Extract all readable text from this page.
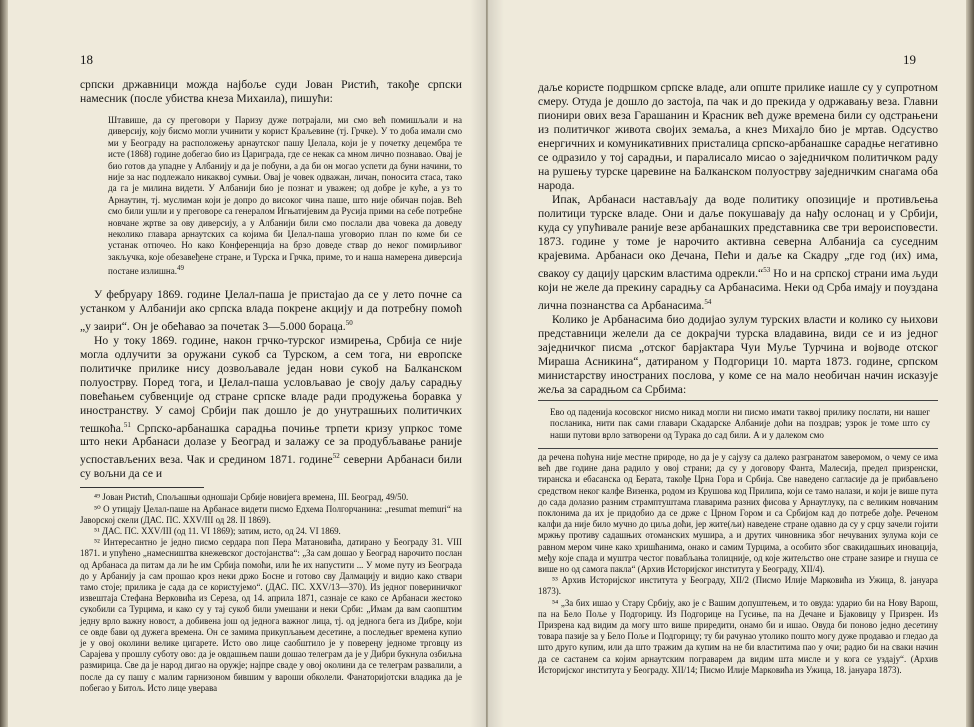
18

српски државници можда најбоље суди Јован Ристић, такође српски намесник (после убиства кнеза Михаила), пишући:

Штавише, да су преговори у Паризу дуже потрајали, ми смо већ помишљали и на диверсију, коју бисмо могли учинити у корист Краљевине (тј. Грчке). У то доба имали смо ми у Београду на расположењу арнаутског пашу Џелала, који је у почетку децембра те исте (1868) године добегао био из Цариграда, где се некак са мном лично познавао. Овај је био готов да упадне у Албанију и да је побуни, а да би он могао успети да буни начини, то није за нас подлежало никаквој сумњи. Овај је човек одважан, личан, поносита стаса, тако да га је милина видети. У Албанији био је познат и уважен; од добре је куће, а уз то Арнаутин, тј. муслиман који је допро до високог чина паше, што није обичан појав. Већ смо били ушли и у преговоре са генералом Игњатијевим да Русија прими на себе потребне новчане жртве за ову диверсију, а у Албанији били смо послали два човека да доведу неколико главара арнаутских са којима би Џелал-паша уговорио план по коме би се устанак отпочео. Но како Конференција на брзо доведе ствар до неког помирљивог закључка, које обезавеђене стране, и Турска и Грчка, приме, то и наша намерена диверсија постане излишна.$^{49}$

У фебруару 1869. године Џелал-паша је пристајао да се у лето почне са устанком у Албанији ако српска влада покрене акцију и да потребну помоћ „у заири“. Он је обећавао за почетак 3—5.000 бораца.$^{50}$

Но у току 1869. године, након грчко-турског измирења, Србија се није могла одлучити за оружани сукоб са Турском, а сем тога, ни европске политичке прилике нису дозвољавале један нови сукоб на Балканском полуострву. Поред тога, и Џелал-паша условљавао је своју даљу сарадњу повећањем субвенције од стране српске владе ради продужења боравка у иностранству. У самој Србији пак дошло је до унутрашњих политичких тешкоћа.$^{51}$ Српско-арбанашка сарадња почиње трпети кризу упркос томе што неки Арбанаси долазе у Београд и залажу се за продубљавање раније успостављених веза. Чак и средином 1871. године$^{52}$ северни Арбанаси били су вољни да се и

⁴⁹ Јован Ристић, Спољашњи одношаји Србије новијега времена, III. Београд, 49/50.

⁵⁰ О утицају Џелал-паше на Арбанасе видети писмо Едхема Полгорчанина: „resumat memuri“ на Јаворској скели (ДАС. ПС. XXV/III од 28. II 1869).

⁵¹ ДАС. ПС. XXV/III (од 11. VI 1869); затим, исто, од 24. VI 1869.

⁵² Интересантно је једно писмо сердара поп Пера Матановића, датирано у Београду 31. VIII 1871. и упућено „намесништва кнежевског достојанства“: „За сам дошао у Београд нарочито послан од Арбанаса да питам да ли ће им Србија помоћи, или ће их напустити ... У моме путу из Београда до у Арбанију ја сам прошао кроз неки држо Босне и готово сву Далмацију и видио како ствари тамо стоје; прилика је сада да се користујемо“. (ДАС. ПС. XXV/13—370). Из једног повериничког извештаја Стефана Верковића из Сереза, од 14. априла 1871, сазнаје се како се Арбанаси жестоко сукобили са Турцима, и како су у тај сукоб били умешани и неки Срби: „Имам да вам саопштим једну врло важну новост, а добивена још од једнога важног лица, тј. од једнога бега из Дибре, који се овде бави од дужега времена. Он се замима прикупљањем десетине, а последњег времена купио је у овој околини велике цигарете. Исто ово лице саобштило је у повереңу једноме трговцу из Сарајева у прошлу суботу ово: да је овдашњем паши дошао телеграм да је у Дибри букнула озбиљна размирица. Све да је народ дигао на оружје; најпре сваде у овој околини да се телеграм развалили, а после да су пашу с малим гарнизоном бившим у вароши обколели. Фанаторијотски владика да је побегао у Битољ. Исто лице уверава

19

даље користе подршком српске владе, али опште прилике иашле су у супротном смеру. Отуда је дошло до застоја, па чак и до прекида у одржавању веза. Главни пионири ових веза Гарашанин и Красник већ дуже времена били су одстрањени из политичког живота својих земаља, а кнез Михајло био је мртав. Одсуство енергичних и комуникативних присталица српско-арбанашке сарадње негативно се одразило у тој сарадњи, и паралисало мисао о заједничком политичком раду на рушењу турске царевине на Балканском полуострву заједничким снагама оба народа.

Ипак, Арбанаси настављају да воде политику опозиције и противљења политици турске владе. Они и даље покушавају да нађу ослонац и у Србији, куда су упућивале раније везе арбанашких представника све три вероисповести. 1873. године у томе је нарочито активна северна Албанија са суседним крајевима. Арбанаси око Дечана, Пећи и даље ка Скадру „где год (их) има, свакоу су дацију царским властима одрекли.“$^{53}$ Но и на српској страни има људи који не желе да прекину сарадњу са Арбанасима. Неки од Срба имају и поуздана лична познанства са Арбанасима.$^{54}$

Колико је Арбанасима био додијао зулум турских власти и колико су њихови представници желели да се докрајчи турска владавина, види се и из једног заједничког писма „отског барјактара Чуи Муље Турчина и војводе отског Мираша Асникина“, датираном у Подгорици 10. марта 1873. године, српском министарству иностраних послова, у коме се на мало необичан начин исказује жеља за сарадњом са Србима:

Ево од паденија косовског нисмо никад могли ни писмо имати таквој прилику послати, ни нашег посланика, нити пак сами главари Скадарске Албаније доћи на поздрав; узрок је томе што су наши путови врло затворени од Турака до сад били. А и у далеком смо

да речена поћуна није местне природе, но да је у сајузу са далеко разгранатом заверомом, о чему се има већ две године дана радило у овој страни; да су у договору Фанта, Малесија, предел призренски, тиранска и ебасанска од Берата, такође Црна Гора и Србија. Све наведено сагласије да је прибављено средством неког калфе Визенка, родом из Крушова код Прилипа, који се тамо налази, и који је више пута до сада долазио разним страмптуштама главарима разних фисова у Арнаутлуку, па с великим новчаним поклонима да их је придобио да се држе с Црном Гором и са Србијом кад до потребе дође. Реченом калфи да није било мучно до циља доћи, јер жите(љи) наведене стране одавно да су у срцу зачели гојити мржњу противу садашњих отоманских мушира, а и друтих чиновника због нечуваних зулума који се равном мером чине како хришћанима, онако и самим Турцима, а особито због свакидашњих иновација, међу које спада и муштра честог повабљања толицније, од које житељство оне стране зазире и гнуша се више но од самога пакла“ (Архив Историјског института у Београду, XII/4).

⁵³ Архив Историјског института у Београду, XII/2 (Писмо Илије Марковића из Ужица, 8. јануара 1873).

⁵⁴ „За бих ишао у Стару Србију, ако је с Вашим допуштењем, и то овуда: ударио би на Нову Варош, па на Бело Поље у Подгорицу. Из Подгорице на Гусиње, па на Дечане и Бјаковицу у Призрен. Из Призрена кад видим да могу што више приредити, онамо би и ишао. Овуда би поново једно десетину товара пазије за у Бело Поље и Подгорицу; ту би рачунао утолико пошто могу дуже продавао и гледао да што друго купим, или да што тражим да купим на не би властитима пао у очи; радио би на сваки начин да се састанем са којим арнаутским пограварем да видим шта мисле и у кога се уздају“. (Архив Историјског института у Београду. XII/14; Писмо Илије Марковића из Ужица, 18. јануара 1873).
